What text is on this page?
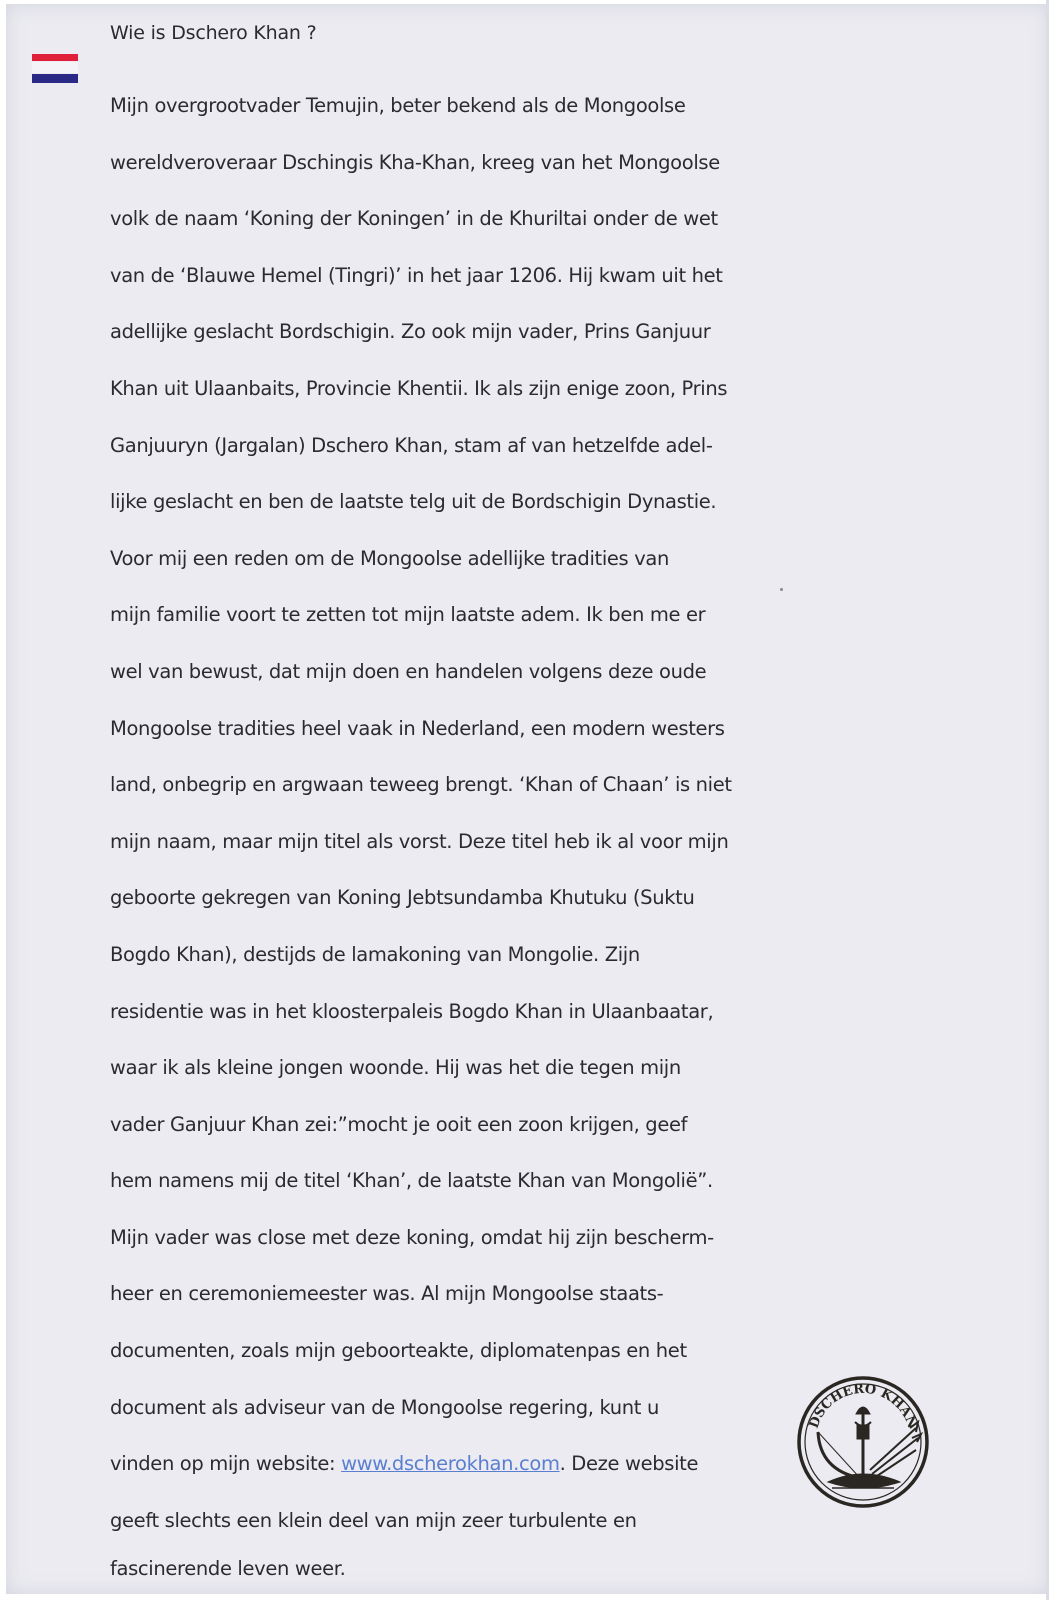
Wie is Dschero Khan ?
Mijn overgrootvader Temujin, beter bekend als de Mongoolse
wereldveroveraar Dschingis Kha-Khan, kreeg van het Mongoolse
volk de naam ‘Koning der Koningen’ in de Khuriltai onder de wet
van de ‘Blauwe Hemel (Tingri)’ in het jaar 1206. Hij kwam uit het
adellijke geslacht Bordschigin. Zo ook mijn vader, Prins Ganjuur
Khan uit Ulaanbaits, Provincie Khentii. Ik als zijn enige zoon, Prins
Ganjuuryn (Jargalan) Dschero Khan, stam af van hetzelfde adel-
lijke geslacht en ben de laatste telg uit de Bordschigin Dynastie.
Voor mij een reden om de Mongoolse adellijke tradities van
mijn familie voort te zetten tot mijn laatste adem. Ik ben me er
wel van bewust, dat mijn doen en handelen volgens deze oude
Mongoolse tradities heel vaak in Nederland, een modern westers
land, onbegrip en argwaan teweeg brengt. ‘Khan of Chaan’ is niet
mijn naam, maar mijn titel als vorst. Deze titel heb ik al voor mijn
geboorte gekregen van Koning Jebtsundamba Khutuku (Suktu
Bogdo Khan), destijds de lamakoning van Mongolie. Zijn
residentie was in het kloosterpaleis Bogdo Khan in Ulaanbaatar,
waar ik als kleine jongen woonde. Hij was het die tegen mijn
vader Ganjuur Khan zei:”mocht je ooit een zoon krijgen, geef
hem namens mij de titel ‘Khan’, de laatste Khan van Mongolië”.
Mijn vader was close met deze koning, omdat hij zijn bescherm-
heer en ceremoniemeester was. Al mijn Mongoolse staats-
documenten, zoals mijn geboorteakte, diplomatenpas en het
document als adviseur van de Mongoolse regering, kunt u
vinden op mijn website: www.dscherokhan.com. Deze website
geeft slechts een klein deel van mijn zeer turbulente en
fascinerende leven weer.
DSCHERO KHAN
